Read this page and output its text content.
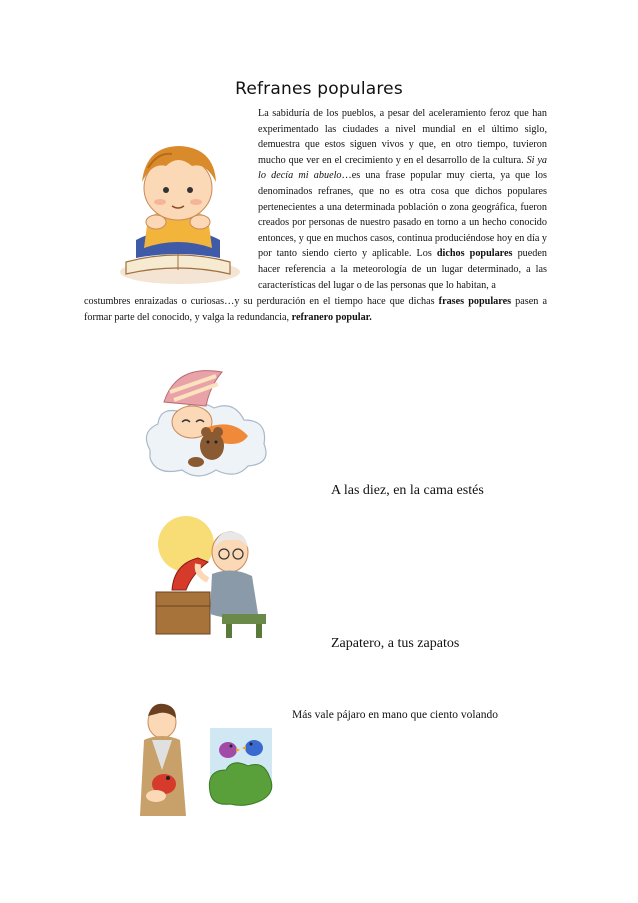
Refranes populares
La sabiduría de los pueblos, a pesar del aceleramiento feroz que han experimentado las ciudades a nivel mundial en el último siglo, demuestra que estos siguen vivos y que, en otro tiempo, tuvieron mucho que ver en el crecimiento y en el desarrollo de la cultura. Si ya lo decía mi abuelo…es una frase popular muy cierta, ya que los denominados refranes, que no es otra cosa que dichos populares pertenecientes a una determinada población o zona geográfica, fueron creados por personas de nuestro pasado en torno a un hecho conocido entonces, y que en muchos casos, continua produciéndose hoy en día y por tanto siendo cierto y aplicable. Los dichos populares pueden hacer referencia a la meteorología de un lugar determinado, a las características del lugar o de las personas que lo habitan, a
costumbres enraizadas o curiosas…y su perduración en el tiempo hace que dichas frases populares pasen a formar parte del conocido, y valga la redundancia, refranero popular.
A las diez, en la cama estés
Zapatero, a tus zapatos
Más vale pájaro en mano que ciento volando
